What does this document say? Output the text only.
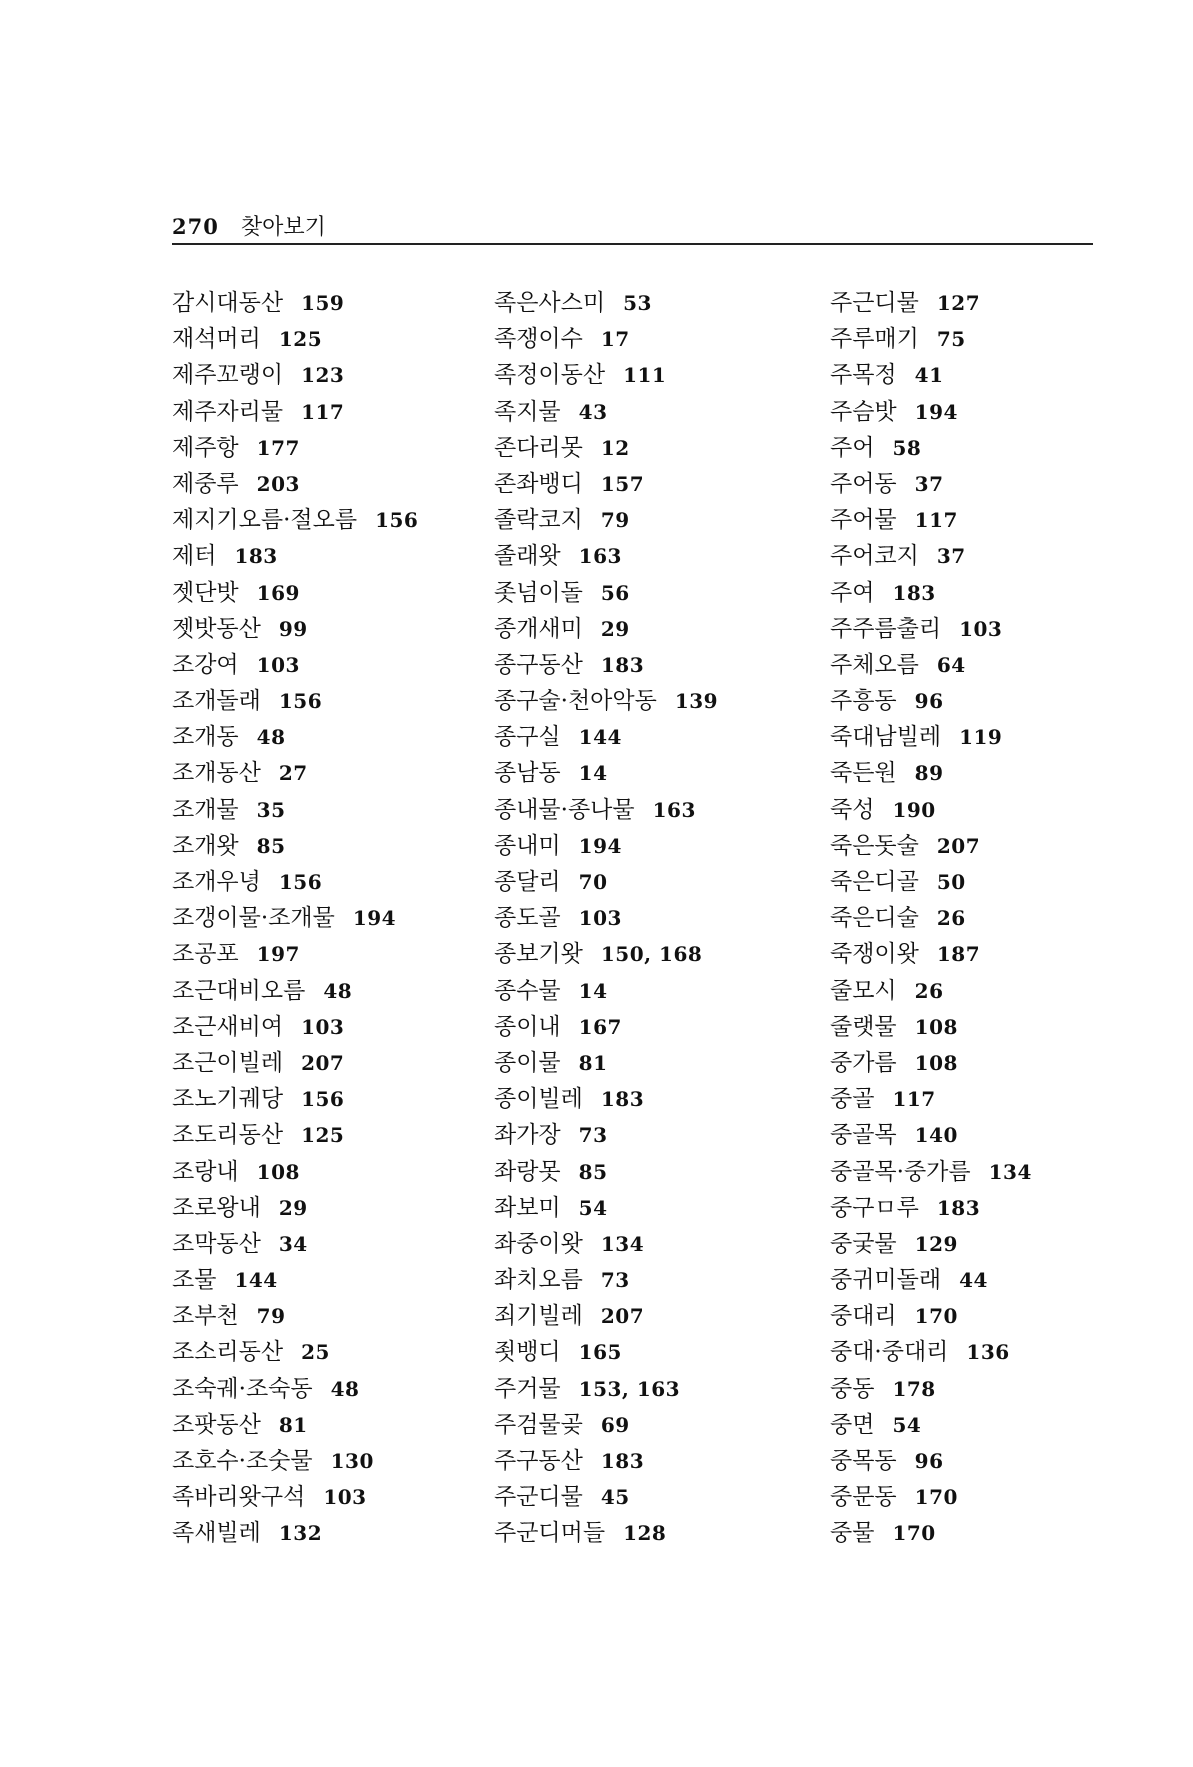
270 찾아보기
감시대동산 159
재석머리 125
제주꼬랭이 123
제주자리물 117
제주항 177
제중루 203
제지기오름·절오름 156
제터 183
젯단밧 169
젯밧동산 99
조강여 103
조개돌래 156
조개동 48
조개동산 27
조개물 35
조개왓 85
조개우녕 156
조갱이물·조개물 194
조공포 197
조근대비오름 48
조근새비여 103
조근이빌레 207
조노기궤당 156
조도리동산 125
조랑내 108
조로왕내 29
조막동산 34
조물 144
조부천 79
조소리동산 25
조숙궤·조숙동 48
조팟동산 81
조호수·조숫물 130
족바리왓구석 103
족새빌레 132
족은사스미 53
족쟁이수 17
족정이동산 111
족지물 43
존다리못 12
존좌뱅디 157
졸락코지 79
졸래왓 163
좃넘이돌 56
종개새미 29
종구동산 183
종구술·천아악동 139
종구실 144
종남동 14
종내물·종나물 163
종내미 194
종달리 70
종도골 103
종보기왓 150, 168
종수물 14
종이내 167
종이물 81
종이빌레 183
좌가장 73
좌랑못 85
좌보미 54
좌중이왓 134
좌치오름 73
죄기빌레 207
죗뱅디 165
주거물 153, 163
주검물곶 69
주구동산 183
주군디물 45
주군디머들 128
주근디물 127
주루매기 75
주목정 41
주슴밧 194
주어 58
주어동 37
주어물 117
주어코지 37
주여 183
주주름출리 103
주체오름 64
주흥동 96
죽대남빌레 119
죽든원 89
죽성 190
죽은돗술 207
죽은디골 50
죽은디술 26
죽쟁이왓 187
줄모시 26
줄랫물 108
중가름 108
중골 117
중골목 140
중골목·중가름 134
중구ㅁ루 183
중궂물 129
중귀미돌래 44
중대리 170
중대·중대리 136
중동 178
중면 54
중목동 96
중문동 170
중물 170
